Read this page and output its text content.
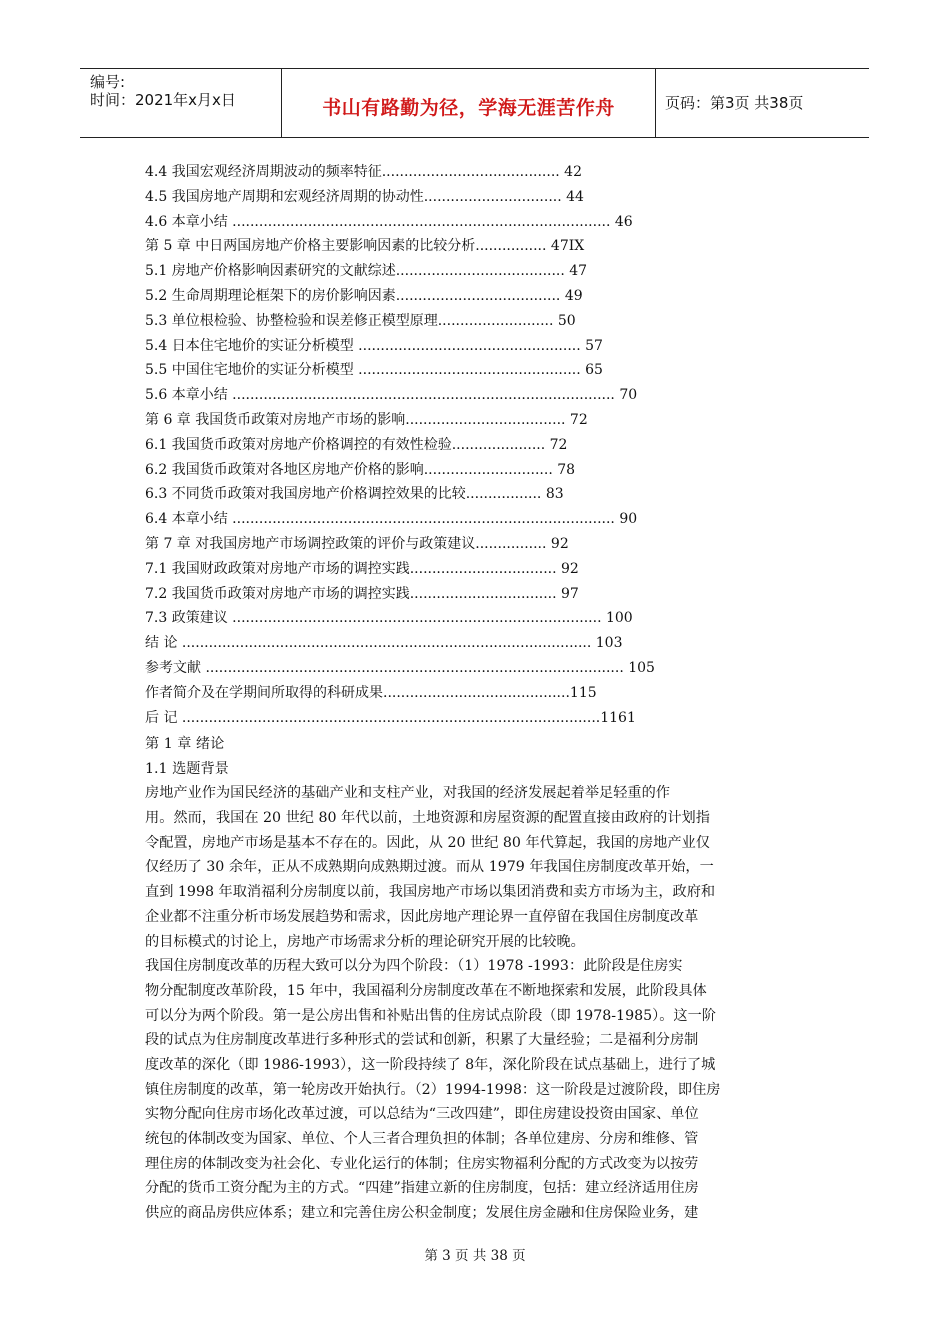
编号:
时间：2021年x月x日	书山有路勤为径，学海无涯苦作舟	页码：第3页 共38页
4.4 我国宏观经济周期波动的频率特征........................................ 42
4.5 我国房地产周期和宏观经济周期的协动性............................... 44
4.6 本章小结 ..................................................................................... 46
第 5 章 中日两国房地产价格主要影响因素的比较分析................ 47IX
5.1 房地产价格影响因素研究的文献综述...................................... 47
5.2 生命周期理论框架下的房价影响因素..................................... 49
5.3 单位根检验、协整检验和误差修正模型原理.......................... 50
5.4 日本住宅地价的实证分析模型 .................................................. 57
5.5 中国住宅地价的实证分析模型 .................................................. 65
5.6 本章小结 ...................................................................................... 70
第 6 章 我国货币政策对房地产市场的影响.................................... 72
6.1 我国货币政策对房地产价格调控的有效性检验..................... 72
6.2 我国货币政策对各地区房地产价格的影响............................. 78
6.3 不同货币政策对我国房地产价格调控效果的比较................. 83
6.4 本章小结 ...................................................................................... 90
第 7 章 对我国房地产市场调控政策的评价与政策建议................ 92
7.1 我国财政政策对房地产市场的调控实践................................. 92
7.2 我国货币政策对房地产市场的调控实践................................. 97
7.3 政策建议 ................................................................................... 100
结 论 ............................................................................................ 103
参考文献 .............................................................................................. 105
作者简介及在学期间所取得的科研成果..........................................115
后 记 ..............................................................................................1161
第 1 章 绪论
1.1 选题背景
房地产业作为国民经济的基础产业和支柱产业，对我国的经济发展起着举足轻重的作
用。然而，我国在 20 世纪 80 年代以前，土地资源和房屋资源的配置直接由政府的计划指
令配置，房地产市场是基本不存在的。因此，从 20 世纪 80 年代算起，我国的房地产业仅
仅经历了 30 余年，正从不成熟期向成熟期过渡。而从 1979 年我国住房制度改革开始，一
直到 1998 年取消福利分房制度以前，我国房地产市场以集团消费和卖方市场为主，政府和
企业都不注重分析市场发展趋势和需求，因此房地产理论界一直停留在我国住房制度改革
的目标模式的讨论上，房地产市场需求分析的理论研究开展的比较晚。
我国住房制度改革的历程大致可以分为四个阶段：（1）1978 -1993：此阶段是住房实
物分配制度改革阶段，15 年中，我国福利分房制度改革在不断地探索和发展，此阶段具体
可以分为两个阶段。第一是公房出售和补贴出售的住房试点阶段（即 1978-1985）。这一阶
段的试点为住房制度改革进行多种形式的尝试和创新，积累了大量经验；二是福利分房制
度改革的深化（即 1986-1993），这一阶段持续了 8年，深化阶段在试点基础上，进行了城
镇住房制度的改革，第一轮房改开始执行。（2）1994-1998：这一阶段是过渡阶段，即住房
实物分配向住房市场化改革过渡，可以总结为“三改四建”，即住房建设投资由国家、单位
统包的体制改变为国家、单位、个人三者合理负担的体制；各单位建房、分房和维修、管
理住房的体制改变为社会化、专业化运行的体制；住房实物福利分配的方式改变为以按劳
分配的货币工资分配为主的方式。“四建”指建立新的住房制度，包括：建立经济适用住房
供应的商品房供应体系；建立和完善住房公积金制度；发展住房金融和住房保险业务，建
第 3 页 共 38 页
